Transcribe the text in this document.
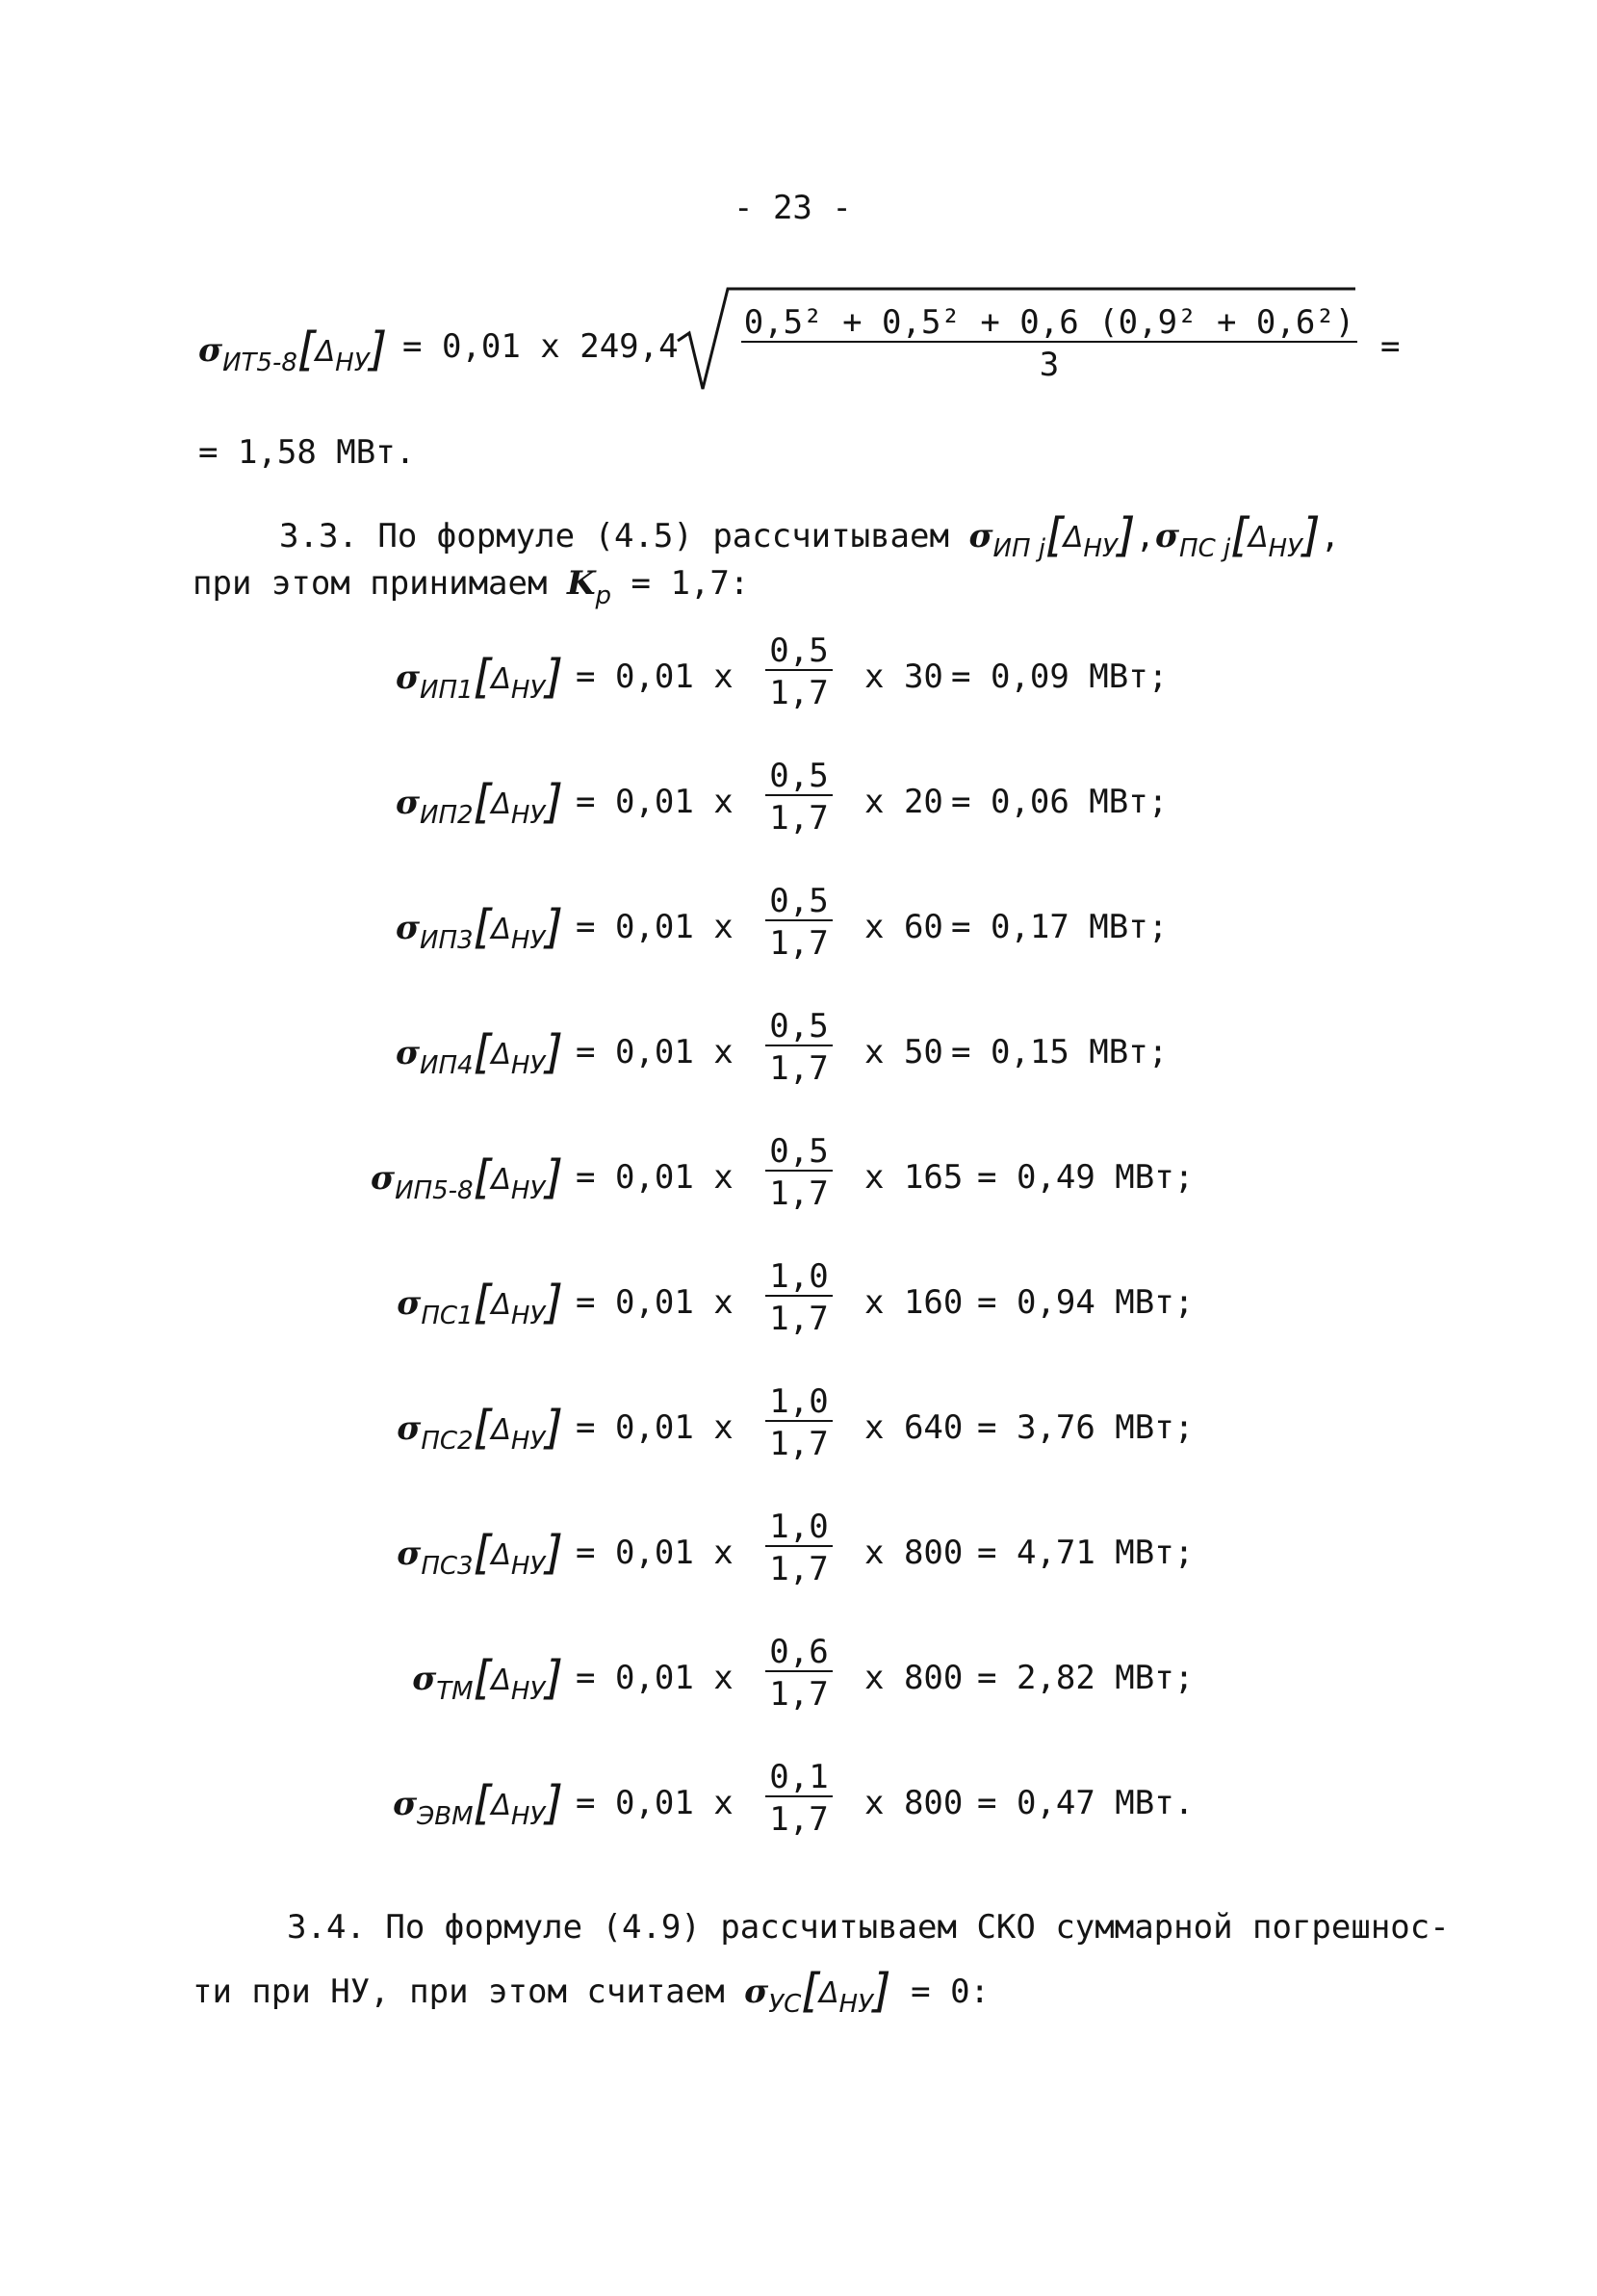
- 23 -
$\sigma_{ИТ5-8}[\Delta_{НУ}] = 0,01$ x $249,4 \frac{\text{0,5² + 0,5² + 0,6 (0,9² + 0,6²)}}{3}$ =
= 1,58 МВт.
3.3. По формуле (4.5) рассчитываем $\sigma_{ИП j}[\Delta_{НУ}],\sigma_{ПС j}[\Delta_{НУ}]$,
при этом принимаем $K_p = 1,7$:
$\sigma_{ИП1}[\Delta_{НУ}] = 0,01$ x $\frac{0,5}{1,7}$ x 30 = 0,09 МВт;
$\sigma_{ИП2}[\Delta_{НУ}] = 0,01$ x $\frac{0,5}{1,7}$ x 20 = 0,06 МВт;
$\sigma_{ИП3}[\Delta_{НУ}] = 0,01$ x $\frac{0,5}{1,7}$ x 60 = 0,17 МВт;
$\sigma_{ИП4}[\Delta_{НУ}] = 0,01$ x $\frac{0,5}{1,7}$ x 50 = 0,15 МВт;
$\sigma_{ИП5-8}[\Delta_{НУ}] = 0,01$ x $\frac{0,5}{1,7}$ x 165 = 0,49 МВт;
$\sigma_{ПС1}[\Delta_{НУ}] = 0,01$ x $\frac{1,0}{1,7}$ x 160 = 0,94 МВт;
$\sigma_{ПС2}[\Delta_{НУ}] = 0,01$ x $\frac{1,0}{1,7}$ x 640 = 3,76 МВт;
$\sigma_{ПС3}[\Delta_{НУ}] = 0,01$ x $\frac{1,0}{1,7}$ x 800 = 4,71 МВт;
$\sigma_{ТМ}[\Delta_{НУ}] = 0,01$ x $\frac{0,6}{1,7}$ x 800 = 2,82 МВт;
$\sigma_{ЭВМ}[\Delta_{НУ}] = 0,01$ x $\frac{0,1}{1,7}$ x 800 = 0,47 МВт.
3.4. По формуле (4.9) рассчитываем СКО суммарной погрешнос-
ти при НУ, при этом считаем $\sigma_{УС}[\Delta_{НУ}] = 0$:
